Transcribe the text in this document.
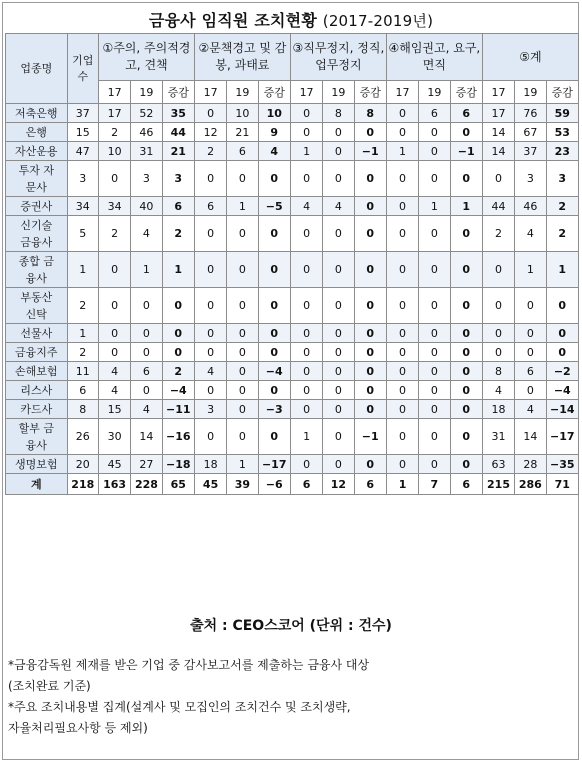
금융사 임직원 조치현황 (2017-2019년)
업종명	기업수	①주의, 주의적경고, 견책			②문책경고 및 감봉, 과태료			③직무정지, 정직, 업무정지			④해임권고, 요구, 면직			⑤계		
		17	19	증감	17	19	증감	17	19	증감	17	19	증감	17	19	증감
저축은행	37	17	52	35	0	10	10	0	8	8	0	6	6	17	76	59
은행	15	2	46	44	12	21	9	0	0	0	0	0	0	14	67	53
자산운용	47	10	31	21	2	6	4	1	0	−1	1	0	−1	14	37	23
투자 자문사	3	0	3	3	0	0	0	0	0	0	0	0	0	0	3	3
증권사	34	34	40	6	6	1	−5	4	4	0	0	1	1	44	46	2
신기술 금융사	5	2	4	2	0	0	0	0	0	0	0	0	0	2	4	2
종합 금융사	1	0	1	1	0	0	0	0	0	0	0	0	0	0	1	1
부동산 신탁	2	0	0	0	0	0	0	0	0	0	0	0	0	0	0	0
선물사	1	0	0	0	0	0	0	0	0	0	0	0	0	0	0	0
금융지주	2	0	0	0	0	0	0	0	0	0	0	0	0	0	0	0
손해보험	11	4	6	2	4	0	−4	0	0	0	0	0	0	8	6	−2
리스사	6	4	0	−4	0	0	0	0	0	0	0	0	0	4	0	−4
카드사	8	15	4	−11	3	0	−3	0	0	0	0	0	0	18	4	−14
할부 금융사	26	30	14	−16	0	0	0	1	0	−1	0	0	0	31	14	−17
생명보험	20	45	27	−18	18	1	−17	0	0	0	0	0	0	63	28	−35
계	218	163	228	65	45	39	−6	6	12	6	1	7	6	215	286	71
출처 : CEO스코어 (단위 : 건수)
*금융감독원 제재를 받은 기업 중 감사보고서를 제출하는 금융사 대상
(조치완료 기준)
*주요 조치내용별 집계(설계사 및 모집인의 조치건수 및 조치생략,
자율처리필요사항 등 제외)
